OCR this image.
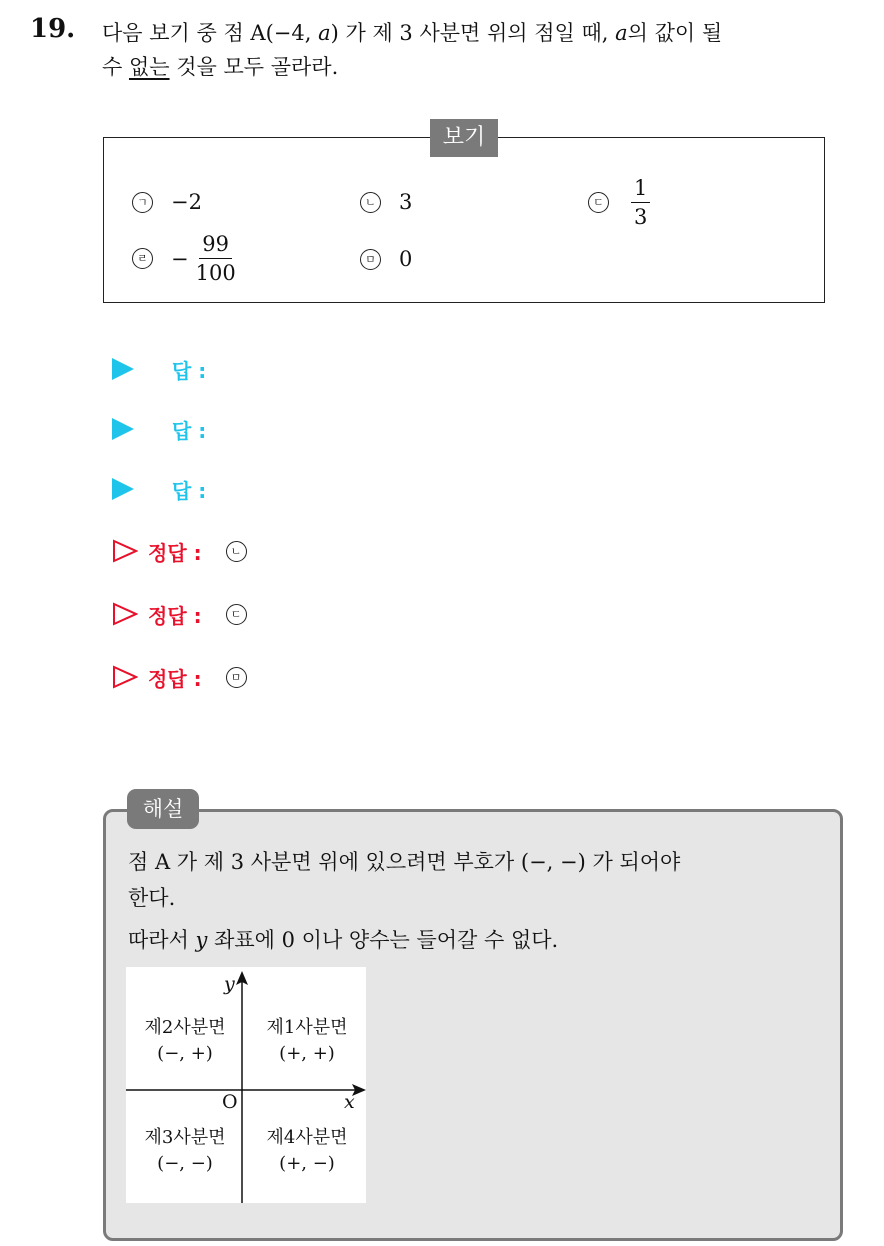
19. 다음 보기 중 점 A(−4, a) 가 제 3 사분면 위의 점일 때, a의 값이 될
수 없는 것을 모두 골라라.
보기
ㄱ −2	ㄴ 3	ㄷ $\frac{1}{3}$
ㄹ − $\frac{99}{100}$	ㅁ 0
답 :
답 :
답 :
정답 :	ㄴ
정답 :	ㄷ
정답 :	ㅁ
해설
점 A 가 제 3 사분면 위에 있으려면 부호가 (−, −) 가 되어야
한다.
따라서 y 좌표에 0 이나 양수는 들어갈 수 없다.
y
x
O
제2사분면
(−, +)
제1사분면
(+, +)
제3사분면
(−, −)
제4사분면
(+, −)
